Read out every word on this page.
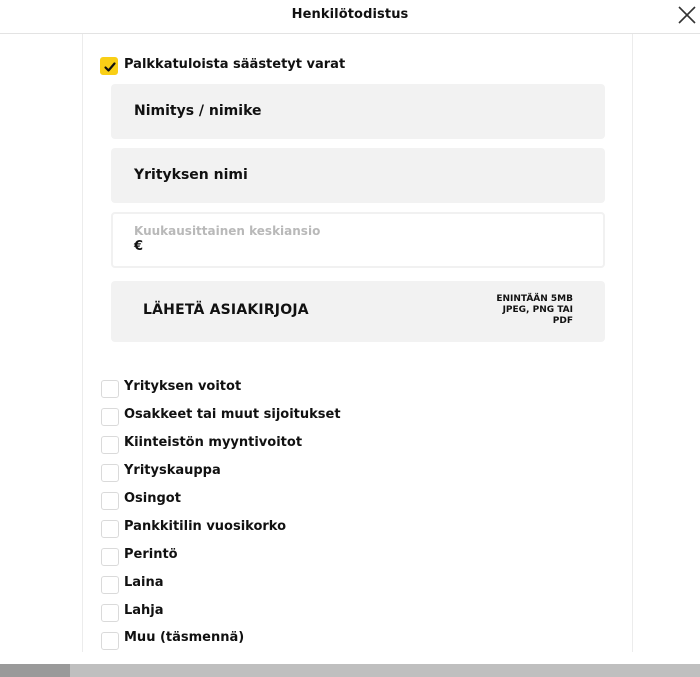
Henkilötodistus
Palkkatuloista säästetyt varat
Nimitys / nimike
Yrityksen nimi
Kuukausittainen keskiansio
€
LÄHETÄ ASIAKIRJOJA
ENINTÄÄN 5MB
JPEG, PNG TAI
PDF
Yrityksen voitot
Osakkeet tai muut sijoitukset
Kiinteistön myyntivoitot
Yrityskauppa
Osingot
Pankkitilin vuosikorko
Perintö
Laina
Lahja
Muu (täsmennä)
